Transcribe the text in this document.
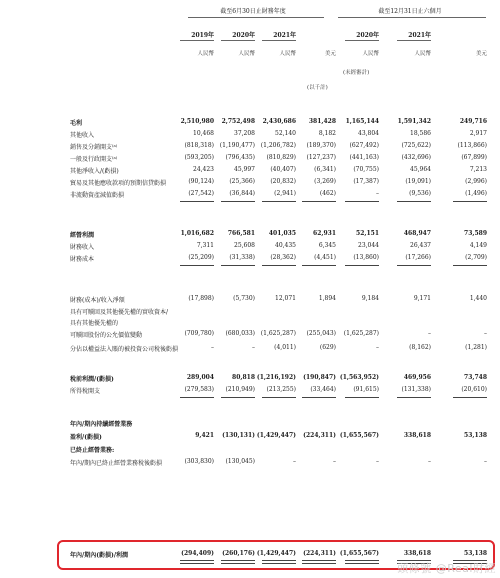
截至6月30日止財務年度	截至12月31日止六個月
2019年	2020年	2021年	2020年	2021年
人民幣	人民幣	人民幣	美元	人民幣	人民幣	美元
(以千計)
(未經審計)
毛利	2,510,980	2,752,498	2,430,686	381,428	1,165,144	1,591,342	249,716
其他收入	10,468	37,208	52,140	8,182	43,804	18,586	2,917
銷售及分銷開支⁽ᵃ⁾	(818,318) (1,190,477) (1,206,782)	(189,370)	(627,492)	(725,622)	(113,866)
一般及行政開支⁽ᵃ⁾	(593,205)	(796,435)	(810,829)	(127,237)	(441,163)	(432,696)	(67,899)
其他淨收入/(虧損)	24,423	45,997	(40,407)	(6,341)	(70,755)	45,964	7,213
貿易及其他應收款項的預期信貸虧損	(90,124)	(25,366)	(20,832)	(3,269)	(17,387)	(19,091)	(2,996)
非流動資產減值虧損	(27,542)	(36,844)	(2,941)	(462)	–	(9,536)	(1,496)
經營利潤	1,016,682	766,581	401,035	62,931	52,151	468,947	73,589
財務收入	7,311	25,608	40,435	6,345	23,044	26,437	4,149
財務成本	(25,209)	(31,338)	(28,362)	(4,451)	(13,860)	(17,266)	(2,709)
財務(成本)/收入淨額	(17,898)	(5,730)	12,071	1,894	9,184	9,171	1,440
具有可贖回及其他優先權的實收資本/
具有其他優先權的
可贖回股份的公允價值變動	(709,780)	(680,033) (1,625,287)	(255,043)	(1,625,287)	–	–
分佔以權益法入賬的被投資公司稅後虧損	–	–	(4,011)	(629)	–	(8,162)	(1,281)
稅前利潤/(虧損)	289,004	80,818 (1,216,192)	(190,847) (1,563,952)	469,956	73,748
所得稅開支	(279,583)	(210,949)	(213,255)	(33,464)	(91,615)	(131,338)	(20,610)
年內/期內持續經營業務
盈利/(虧損)	9,421	(130,131) (1,429,447)	(224,311) (1,655,567)	338,618	53,138
已終止經營業務:
年內/期內已終止經營業務稅後虧損	(303,830)	(130,045)	–	–	–	–	–
年內/期內(虧損)/利潤	(294,409)	(260,176) (1,429,447)	(224,311) (1,655,567)	338,618	53,138
頭條號 @Real財經
